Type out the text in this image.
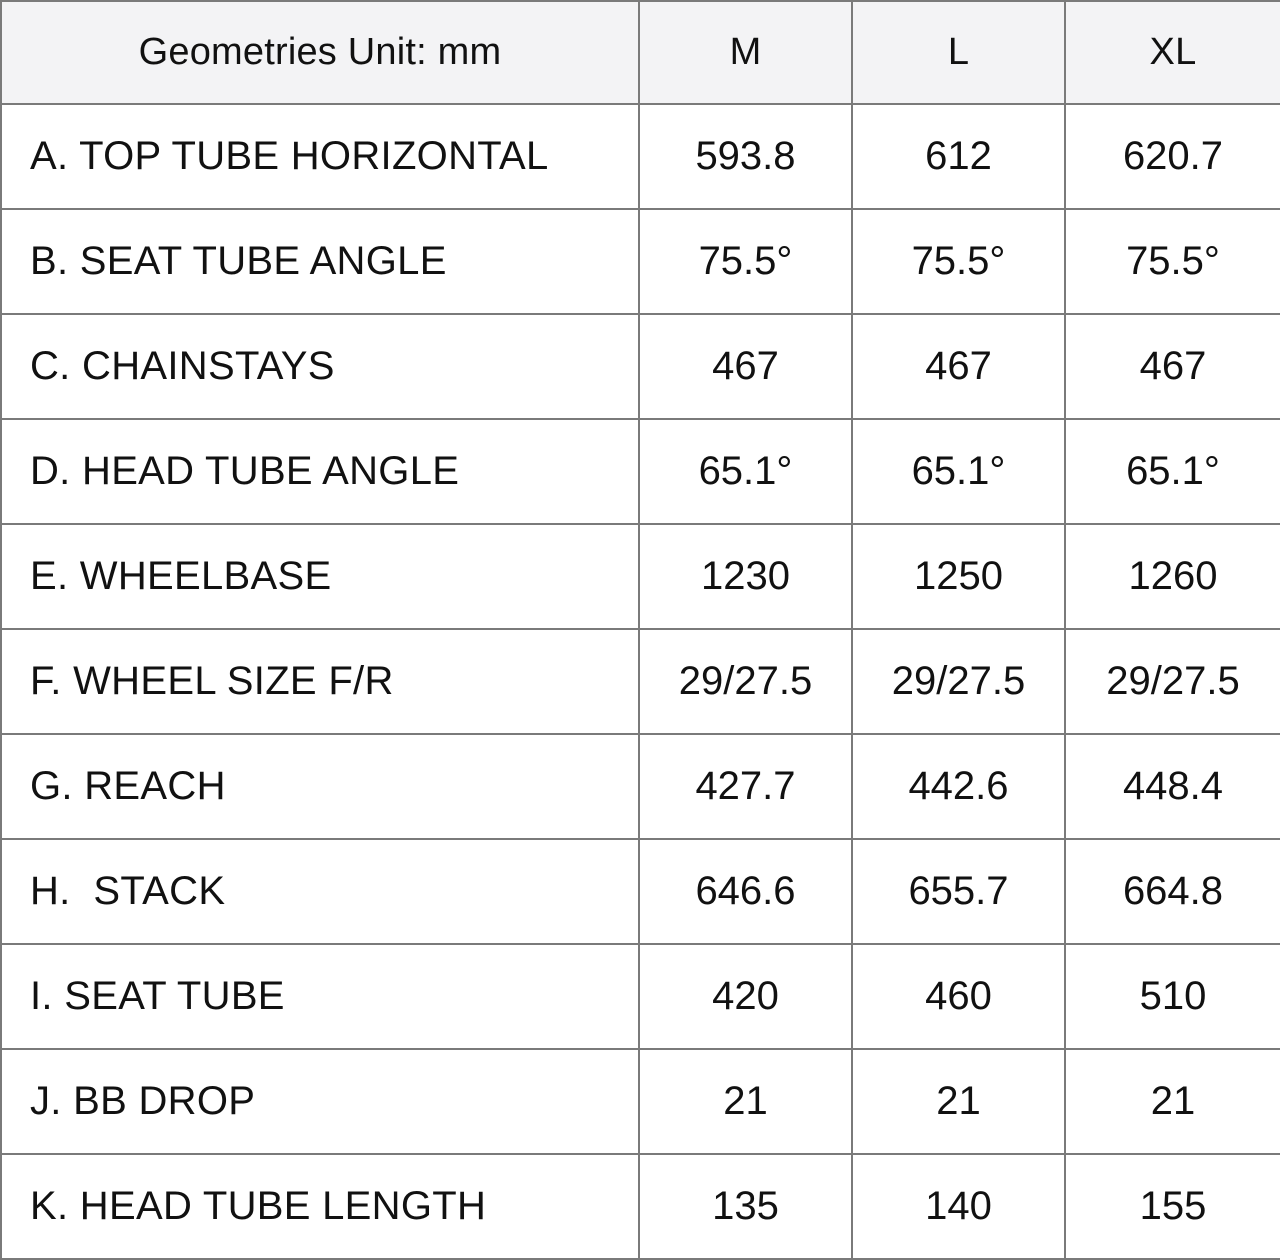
Geometries Unit: mm	M	L	XL
A. TOP TUBE HORIZONTAL	593.8	612	620.7
B. SEAT TUBE ANGLE	75.5°	75.5°	75.5°
C. CHAINSTAYS	467	467	467
D. HEAD TUBE ANGLE	65.1°	65.1°	65.1°
E. WHEELBASE	1230	1250	1260
F. WHEEL SIZE F/R	29/27.5	29/27.5	29/27.5
G. REACH	427.7	442.6	448.4
H.  STACK	646.6	655.7	664.8
I. SEAT TUBE	420	460	510
J. BB DROP	21	21	21
K. HEAD TUBE LENGTH	135	140	155
